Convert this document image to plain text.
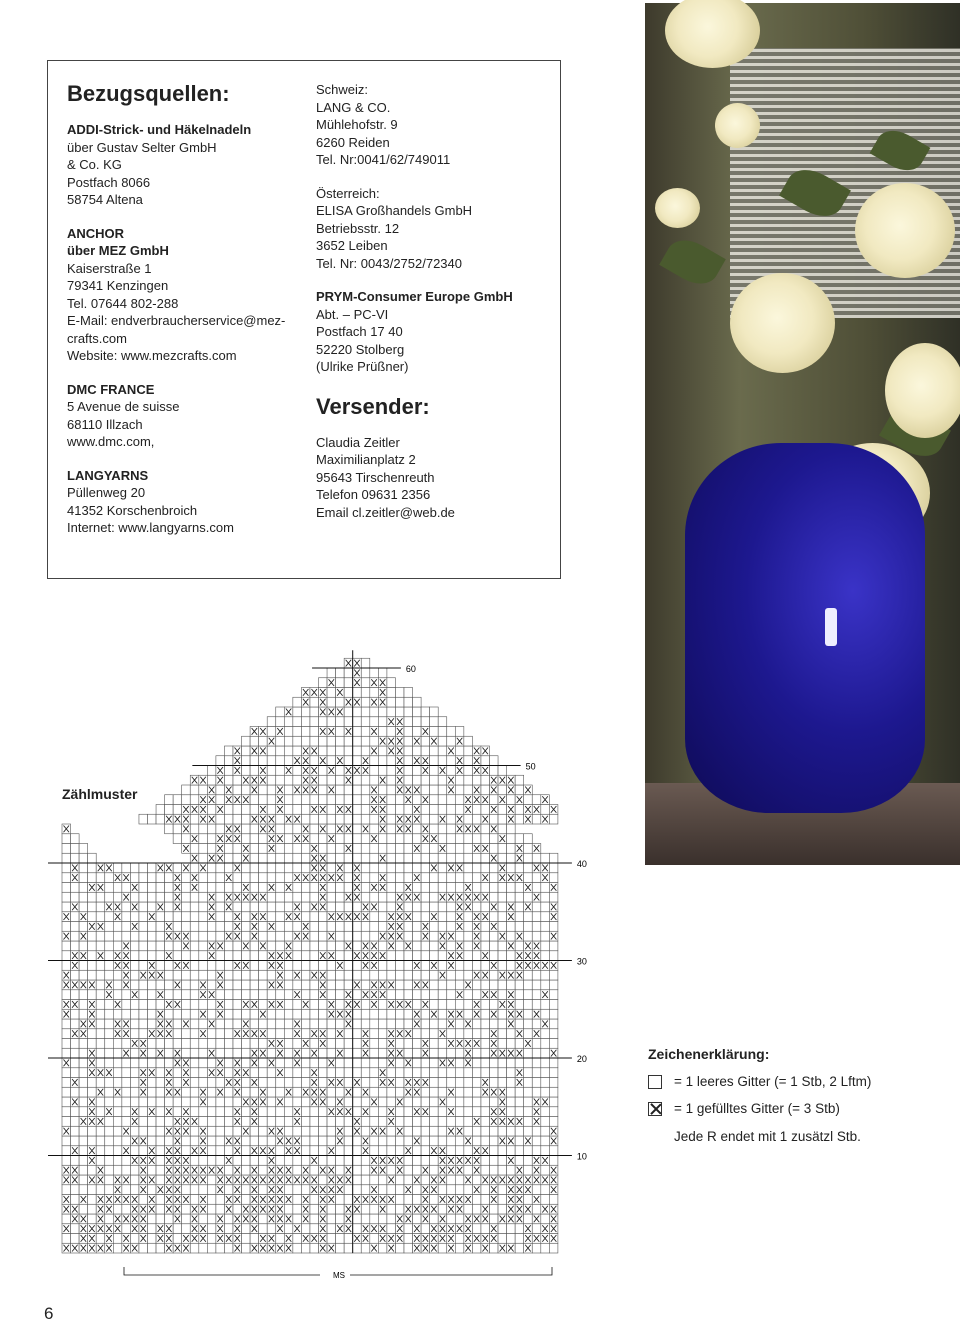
Bezugsquellen:
ADDI-Strick- und Häkelnadeln
über Gustav Selter GmbH
& Co. KG
Postfach 8066
58754 Altena
ANCHOR
über MEZ GmbH
Kaiserstraße 1
79341 Kenzingen
Tel. 07644 802-288
E-Mail: endverbraucherservice@mez-
crafts.com
Website: www.mezcrafts.com
DMC FRANCE
5 Avenue de suisse
68110 Illzach
www.dmc.com,
LANGYARNS
Püllenweg 20
41352 Korschenbroich
Internet: www.langyarns.com
Schweiz:
LANG & CO.
Mühlehofstr. 9
6260 Reiden
Tel. Nr:0041/62/749011
Österreich:
ELISA Großhandels GmbH
Betriebsstr. 12
3652 Leiben
Tel. Nr: 0043/2752/72340
PRYM-Consumer Europe GmbH
Abt. – PC-VI
Postfach 17 40
52220 Stolberg
(Ulrike Prüßner)
Versender:
Claudia Zeitler
Maximilianplatz 2
95643 Tirschenreuth
Telefon 09631 2356
Email cl.zeitler@web.de
Zählmuster
60
50
40
30
20
10
MS
Zeichenerklärung:
= 1 leeres Gitter (= 1 Stb, 2 Lftm)
= 1 gefülltes Gitter (= 3 Stb)
Jede R endet mit 1 zusätzl Stb.
6
